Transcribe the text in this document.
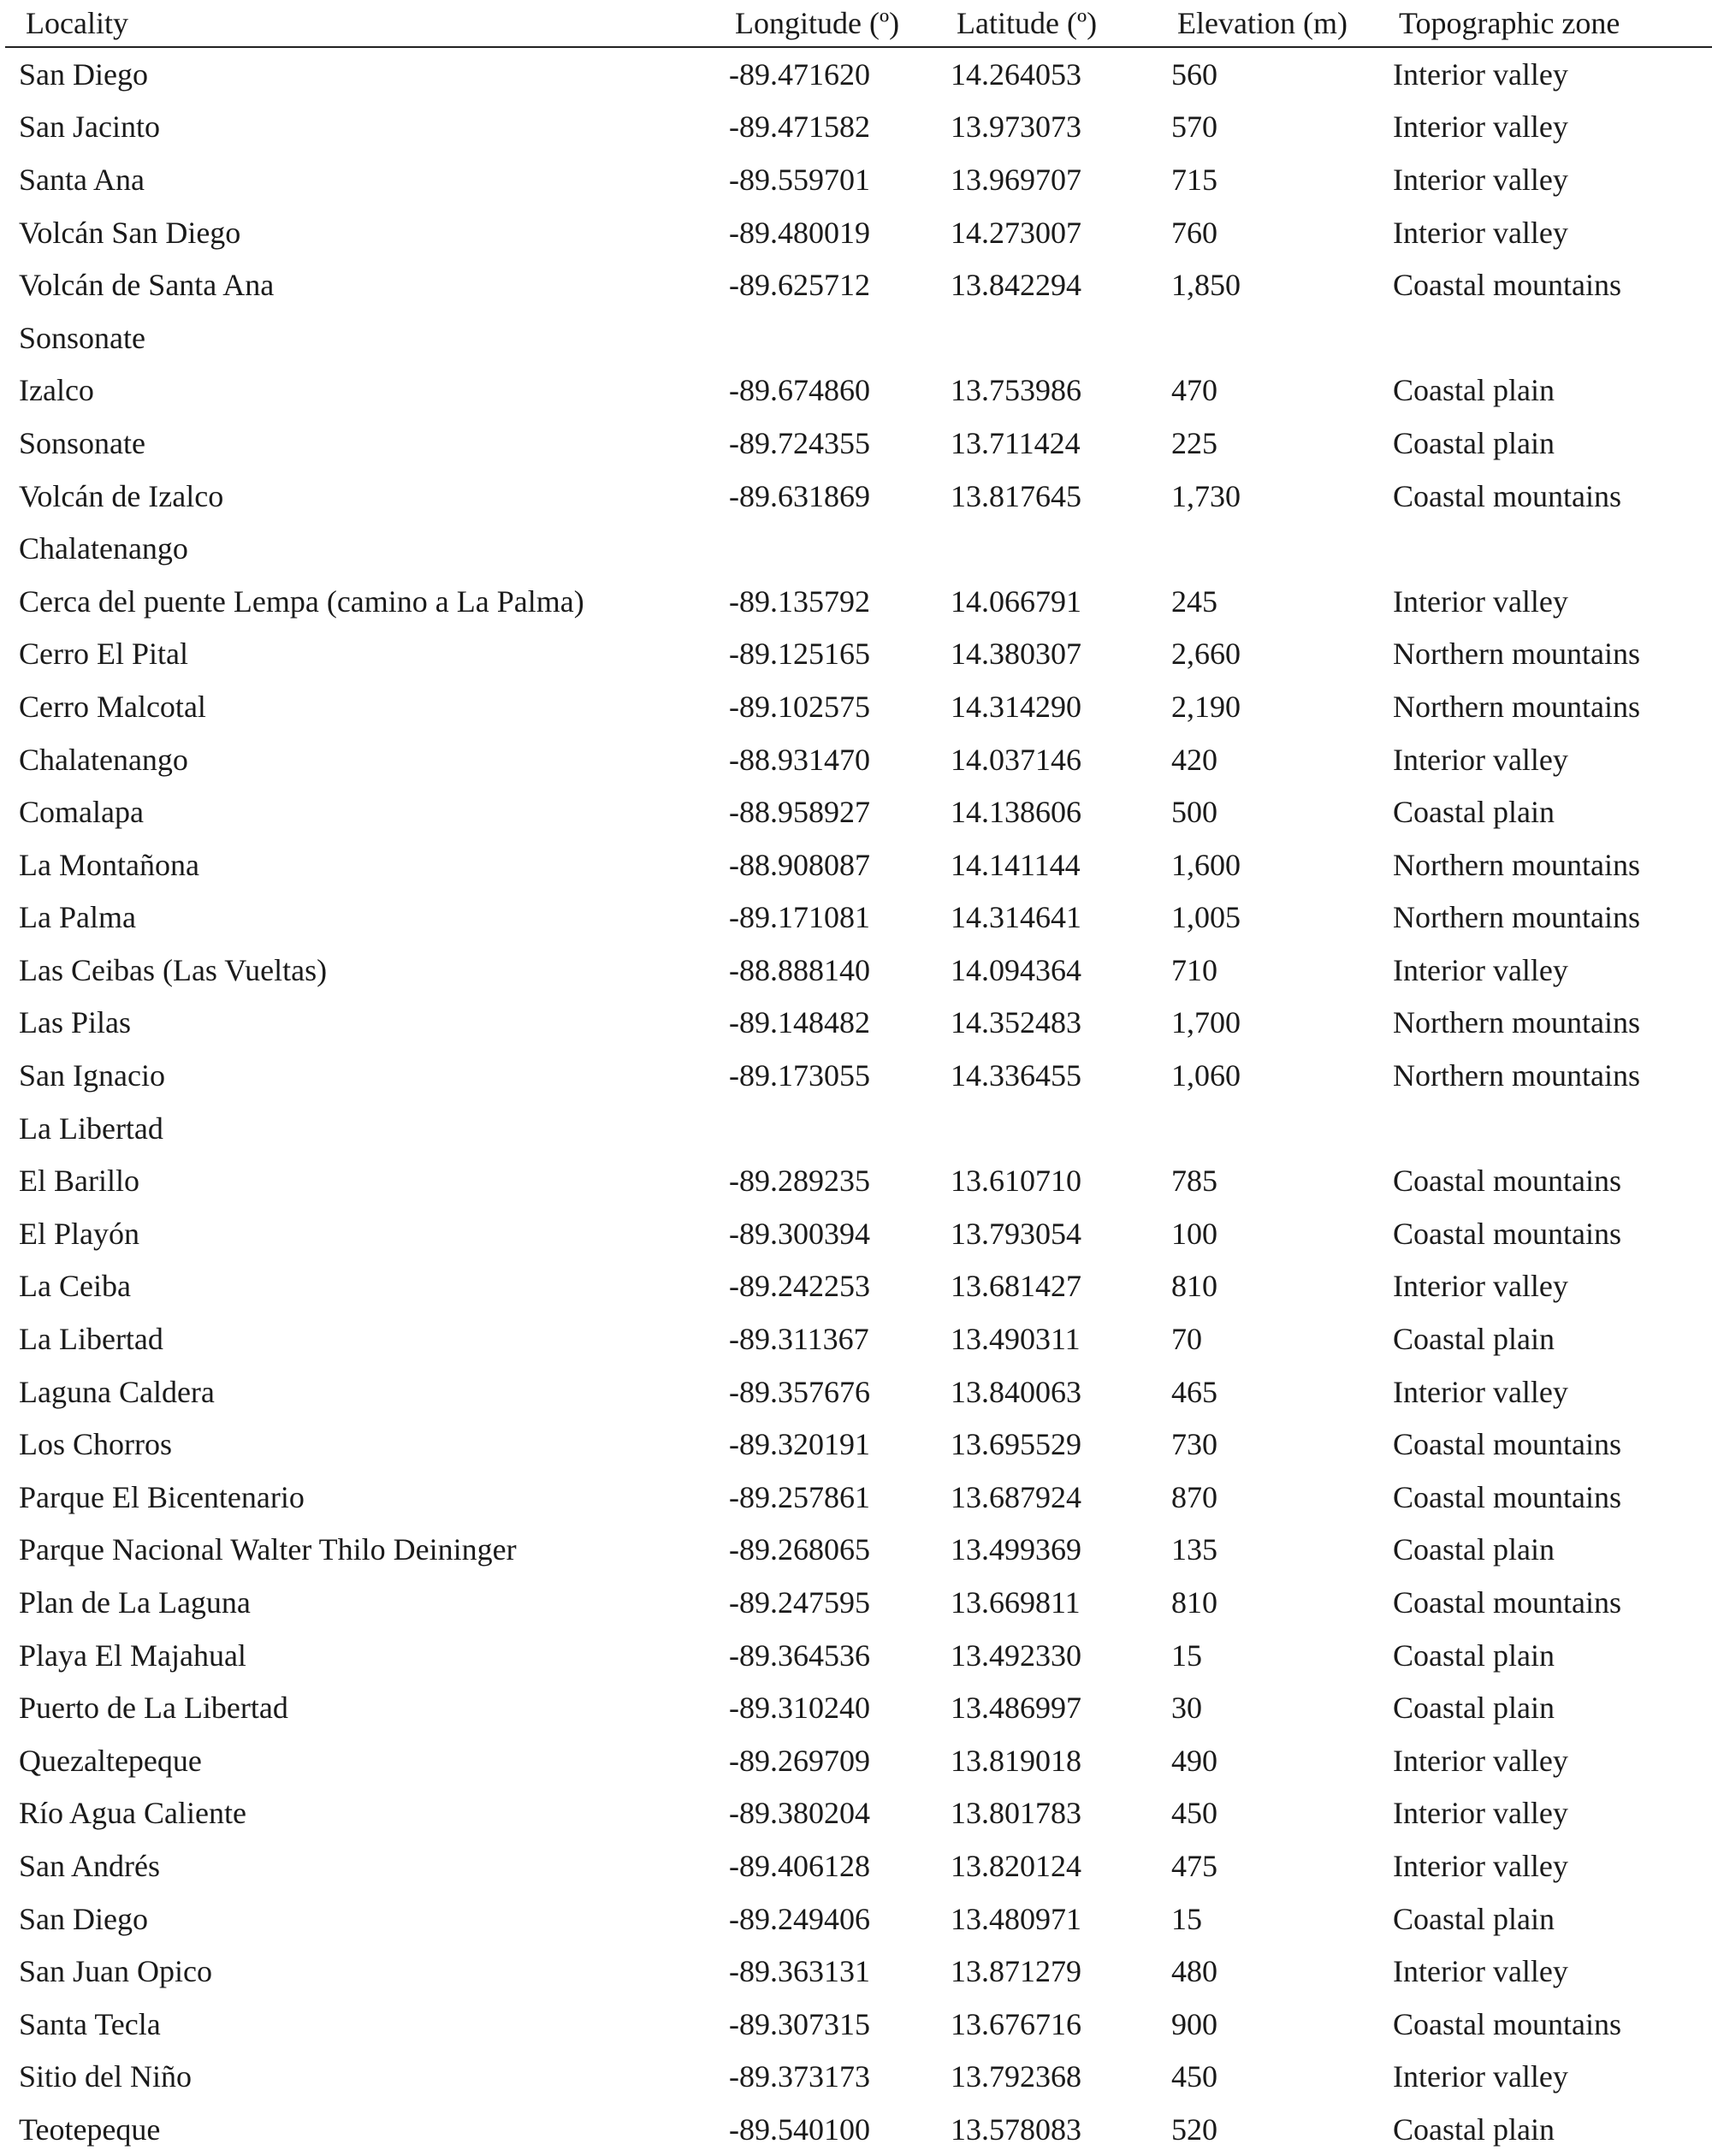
Locality	Longitude (º)	Latitude (º)	Elevation (m)	Topographic zone
San Diego	-89.471620	14.264053	560	Interior valley
San Jacinto	-89.471582	13.973073	570	Interior valley
Santa Ana	-89.559701	13.969707	715	Interior valley
Volcán San Diego	-89.480019	14.273007	760	Interior valley
Volcán de Santa Ana	-89.625712	13.842294	1,850	Coastal mountains
Sonsonate				
Izalco	-89.674860	13.753986	470	Coastal plain
Sonsonate	-89.724355	13.711424	225	Coastal plain
Volcán de Izalco	-89.631869	13.817645	1,730	Coastal mountains
Chalatenango				
Cerca del puente Lempa (camino a La Palma)	-89.135792	14.066791	245	Interior valley
Cerro El Pital	-89.125165	14.380307	2,660	Northern mountains
Cerro Malcotal	-89.102575	14.314290	2,190	Northern mountains
Chalatenango	-88.931470	14.037146	420	Interior valley
Comalapa	-88.958927	14.138606	500	Coastal plain
La Montañona	-88.908087	14.141144	1,600	Northern mountains
La Palma	-89.171081	14.314641	1,005	Northern mountains
Las Ceibas (Las Vueltas)	-88.888140	14.094364	710	Interior valley
Las Pilas	-89.148482	14.352483	1,700	Northern mountains
San Ignacio	-89.173055	14.336455	1,060	Northern mountains
La Libertad				
El Barillo	-89.289235	13.610710	785	Coastal mountains
El Playón	-89.300394	13.793054	100	Coastal mountains
La Ceiba	-89.242253	13.681427	810	Interior valley
La Libertad	-89.311367	13.490311	70	Coastal plain
Laguna Caldera	-89.357676	13.840063	465	Interior valley
Los Chorros	-89.320191	13.695529	730	Coastal mountains
Parque El Bicentenario	-89.257861	13.687924	870	Coastal mountains
Parque Nacional Walter Thilo Deininger	-89.268065	13.499369	135	Coastal plain
Plan de La Laguna	-89.247595	13.669811	810	Coastal mountains
Playa El Majahual	-89.364536	13.492330	15	Coastal plain
Puerto de La Libertad	-89.310240	13.486997	30	Coastal plain
Quezaltepeque	-89.269709	13.819018	490	Interior valley
Río Agua Caliente	-89.380204	13.801783	450	Interior valley
San Andrés	-89.406128	13.820124	475	Interior valley
San Diego	-89.249406	13.480971	15	Coastal plain
San Juan Opico	-89.363131	13.871279	480	Interior valley
Santa Tecla	-89.307315	13.676716	900	Coastal mountains
Sitio del Niño	-89.373173	13.792368	450	Interior valley
Teotepeque	-89.540100	13.578083	520	Coastal plain
